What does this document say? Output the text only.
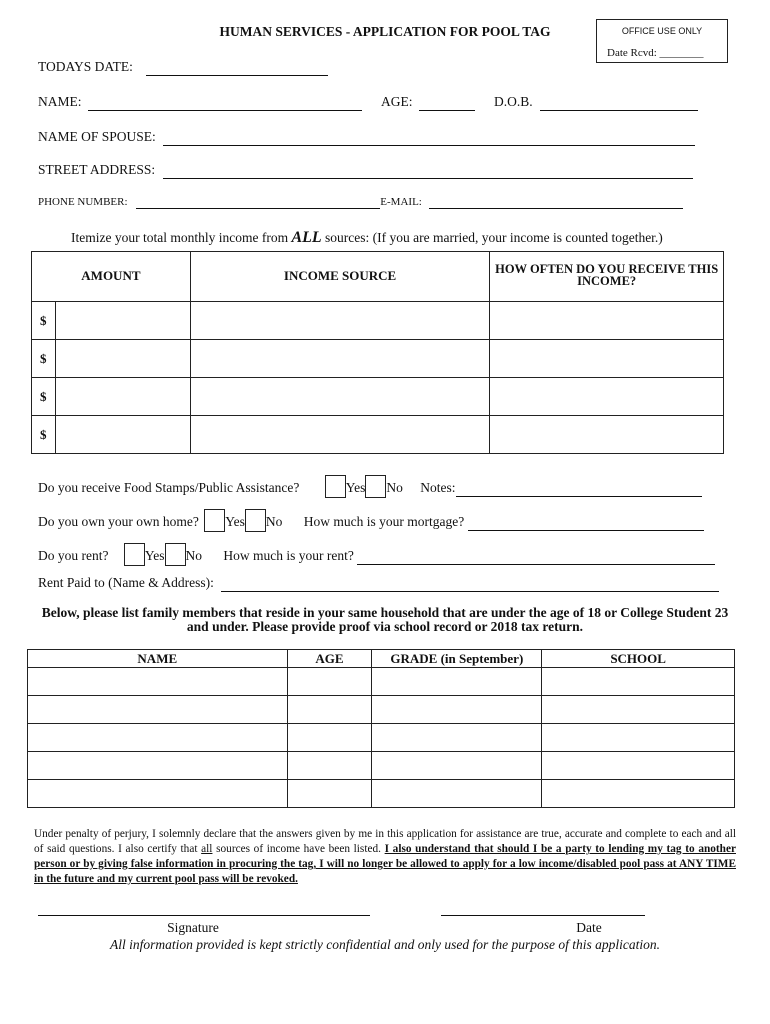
HUMAN SERVICES - APPLICATION FOR POOL TAG	OFFICE USE ONLY
Date Rcvd: ________
TODAYS DATE:
NAME:	AGE:	D.O.B.
NAME OF SPOUSE:
STREET ADDRESS:
PHONE NUMBER:	E-MAIL:
Itemize your total monthly income from ALL sources: (If you are married, your income is counted together.)
AMOUNT		INCOME SOURCE	HOW OFTEN DO YOU RECEIVE THIS INCOME?
$			
$			
$			
$			
Do you receive Food Stamps/Public Assistance?	Yes No Notes:
Do you own your own home? Yes No How much is your mortgage?
Do you rent?	Yes No How much is your rent?
Rent Paid to (Name & Address):
Below, please list family members that reside in your same household that are under the age of 18 or College Student 23 and under. Please provide proof via school record or 2018 tax return.
NAME	AGE	GRADE (in September)	SCHOOL

Under penalty of perjury, I solemnly declare that the answers given by me in this application for assistance are true, accurate and complete to each and all of said questions. I also certify that all sources of income have been listed. I also understand that should I be a party to lending my tag to another person or by giving false information in procuring the tag, I will no longer be allowed to apply for a low income/disabled pool pass at ANY TIME in the future and my current pool pass will be revoked.
Signature	Date
All information provided is kept strictly confidential and only used for the purpose of this application.
